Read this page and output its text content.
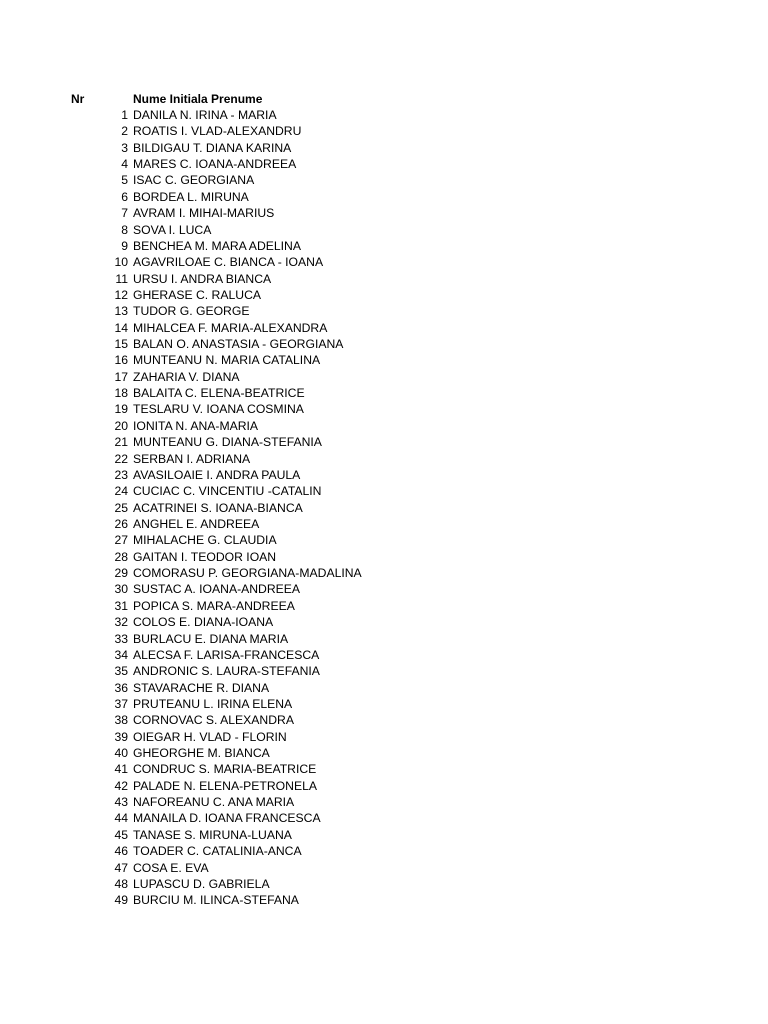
Nr	Nume Initiala Prenume
1 DANILA N. IRINA - MARIA
2 ROATIS I. VLAD-ALEXANDRU
3 BILDIGAU T. DIANA KARINA
4 MARES C. IOANA-ANDREEA
5 ISAC C. GEORGIANA
6 BORDEA L. MIRUNA
7 AVRAM I. MIHAI-MARIUS
8 SOVA I. LUCA
9 BENCHEA M. MARA ADELINA
10 AGAVRILOAE C. BIANCA - IOANA
11 URSU I. ANDRA BIANCA
12 GHERASE C. RALUCA
13 TUDOR G. GEORGE
14 MIHALCEA F. MARIA-ALEXANDRA
15 BALAN O. ANASTASIA - GEORGIANA
16 MUNTEANU N. MARIA CATALINA
17 ZAHARIA V. DIANA
18 BALAITA C. ELENA-BEATRICE
19 TESLARU V. IOANA COSMINA
20 IONITA N. ANA-MARIA
21 MUNTEANU G. DIANA-STEFANIA
22 SERBAN I. ADRIANA
23 AVASILOAIE I. ANDRA PAULA
24 CUCIAC C. VINCENTIU -CATALIN
25 ACATRINEI S. IOANA-BIANCA
26 ANGHEL E. ANDREEA
27 MIHALACHE G. CLAUDIA
28 GAITAN I. TEODOR IOAN
29 COMORASU P. GEORGIANA-MADALINA
30 SUSTAC A. IOANA-ANDREEA
31 POPICA S. MARA-ANDREEA
32 COLOS E. DIANA-IOANA
33 BURLACU E. DIANA MARIA
34 ALECSA F. LARISA-FRANCESCA
35 ANDRONIC S. LAURA-STEFANIA
36 STAVARACHE R. DIANA
37 PRUTEANU L. IRINA ELENA
38 CORNOVAC S. ALEXANDRA
39 OIEGAR H. VLAD - FLORIN
40 GHEORGHE M. BIANCA
41 CONDRUC S. MARIA-BEATRICE
42 PALADE N. ELENA-PETRONELA
43 NAFOREANU C. ANA MARIA
44 MANAILA D. IOANA FRANCESCA
45 TANASE S. MIRUNA-LUANA
46 TOADER C. CATALINIA-ANCA
47 COSA E. EVA
48 LUPASCU D. GABRIELA
49 BURCIU M. ILINCA-STEFANA
